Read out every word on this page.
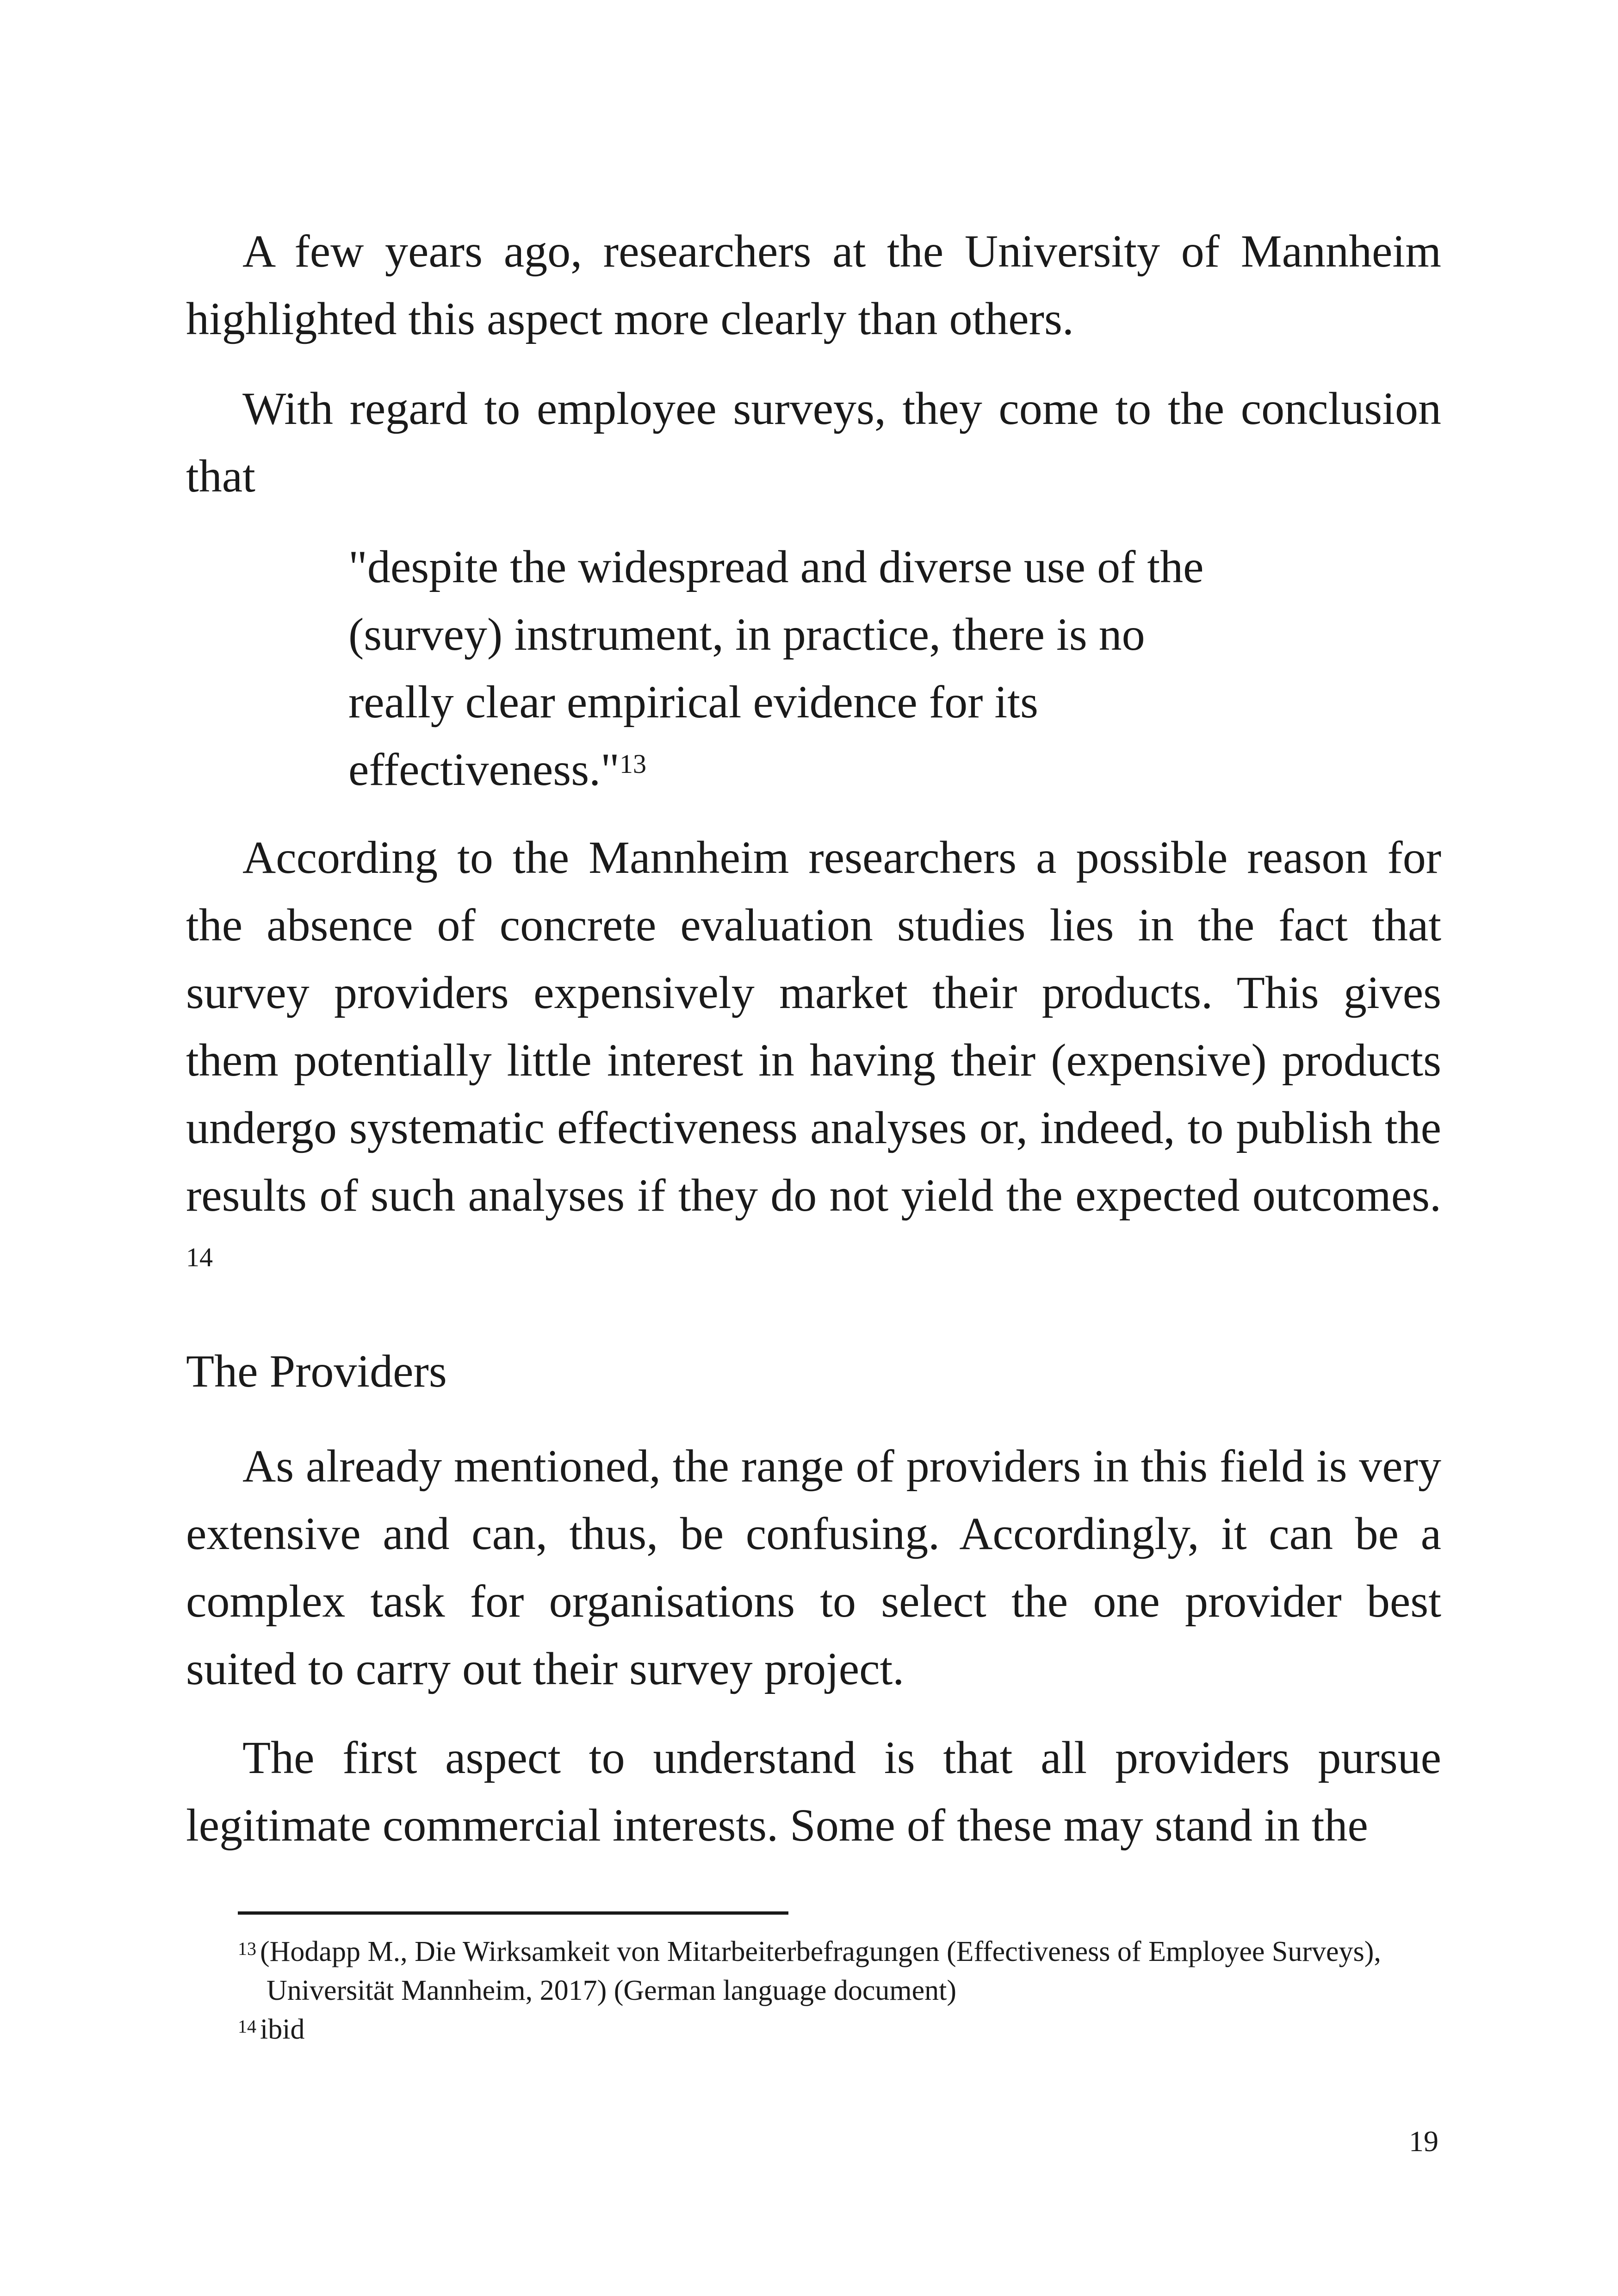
A few years ago, researchers at the University of Mannheim highlighted this aspect more clearly than others.

With regard to employee surveys, they come to the conclusion that

"despite the widespread and diverse use of the (survey) instrument, in practice, there is no really clear empirical evidence for its effectiveness."$^{13}$

According to the Mannheim researchers a possible reason for the absence of concrete evaluation studies lies in the fact that survey providers expensively market their products. This gives them potentially little interest in having their (expensive) products undergo systematic effectiveness analyses or, indeed, to publish the results of such analyses if they do not yield the expected outcomes. $^{14}$

The Providers

As already mentioned, the range of providers in this field is very extensive and can, thus, be confusing. Accordingly, it can be a complex task for organisations to select the one provider best suited to carry out their survey project.

The first aspect to understand is that all providers pursue legitimate commercial interests. Some of these may stand in the

$^{13}$ (Hodapp M., Die Wirksamkeit von Mitarbeiterbefragungen (Effectiveness of Employee Surveys),
Universität Mannheim, 2017) (German language document)

$^{14}$ ibid

19
